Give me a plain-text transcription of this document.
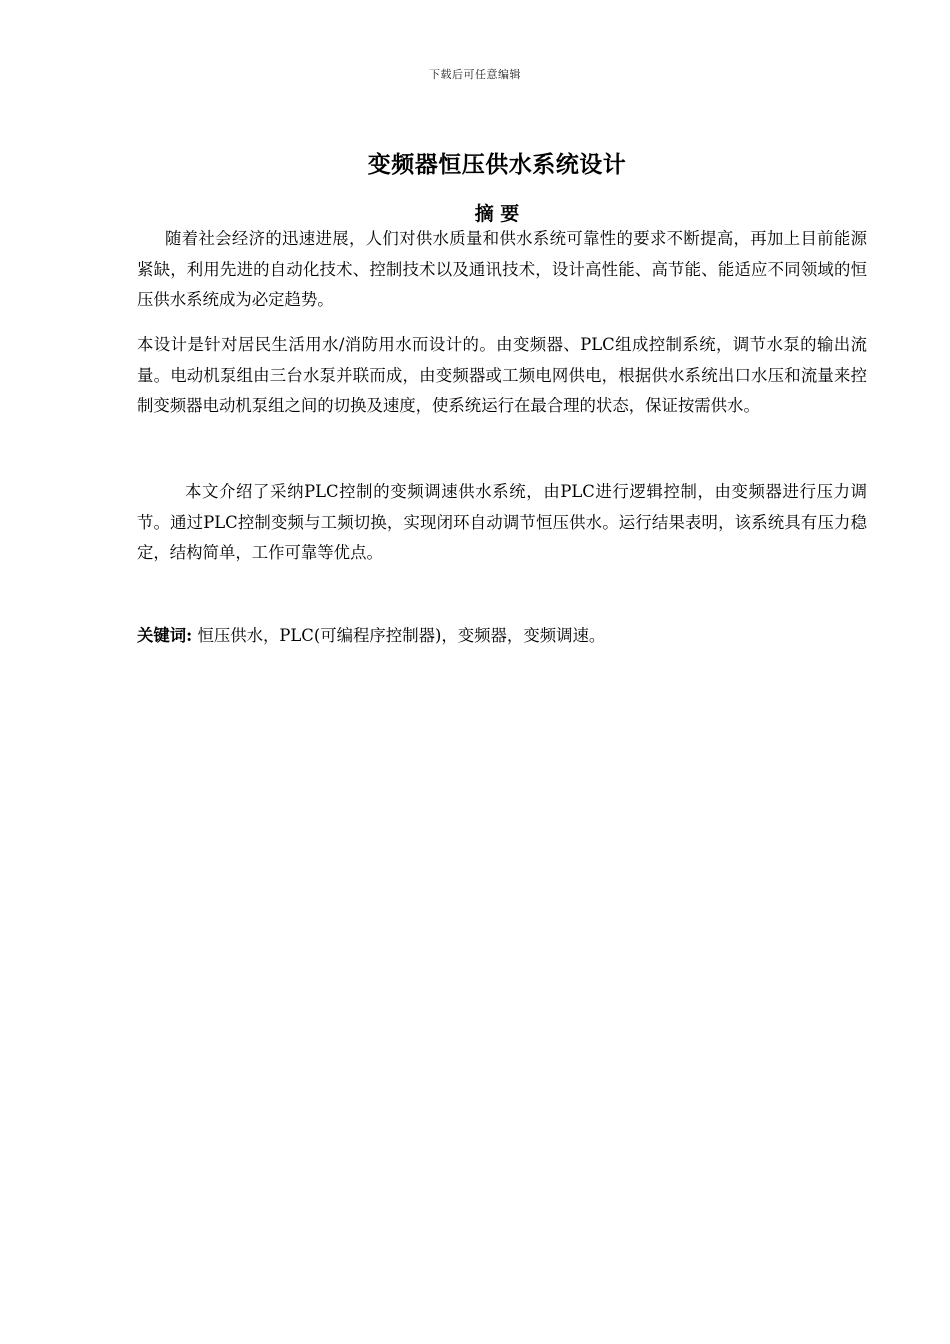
下载后可任意编辑
变频器恒压供水系统设计
摘 要
随着社会经济的迅速进展，人们对供水质量和供水系统可靠性的要求不断提高，再加上目前能源紧缺，利用先进的自动化技术、控制技术以及通讯技术，设计高性能、高节能、能适应不同领域的恒压供水系统成为必定趋势。
本设计是针对居民生活用水/消防用水而设计的。由变频器、PLC组成控制系统，调节水泵的输出流量。电动机泵组由三台水泵并联而成，由变频器或工频电网供电，根据供水系统出口水压和流量来控制变频器电动机泵组之间的切换及速度，使系统运行在最合理的状态，保证按需供水。
本文介绍了采纳PLC控制的变频调速供水系统，由PLC进行逻辑控制，由变频器进行压力调节。通过PLC控制变频与工频切换，实现闭环自动调节恒压供水。运行结果表明，该系统具有压力稳定，结构简单，工作可靠等优点。
关键词: 恒压供水，PLC(可编程序控制器)，变频器，变频调速。
